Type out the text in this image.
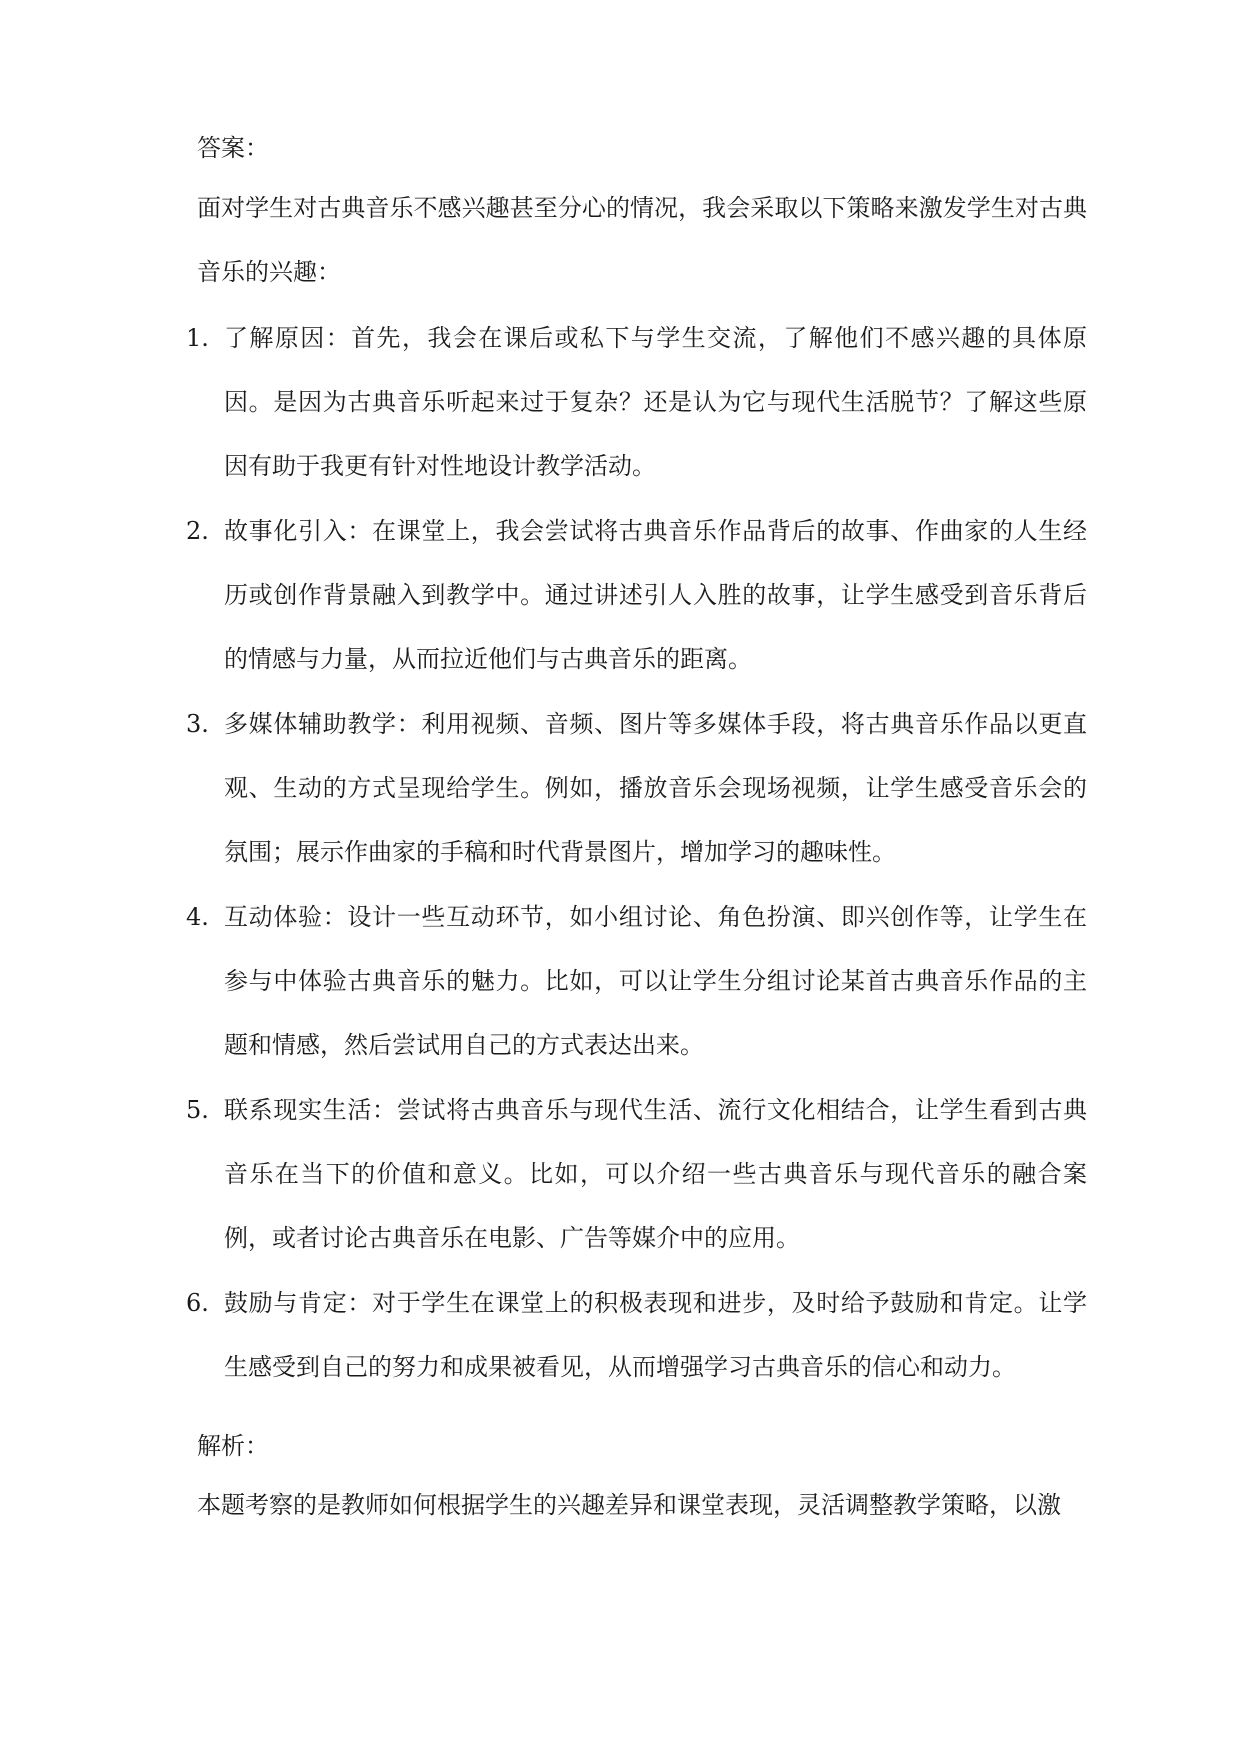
答案：
面对学生对古典音乐不感兴趣甚至分心的情况，我会采取以下策略来激发学生对古典音乐的兴趣：
1. 了解原因：首先，我会在课后或私下与学生交流，了解他们不感兴趣的具体原因。是因为古典音乐听起来过于复杂？还是认为它与现代生活脱节？了解这些原因有助于我更有针对性地设计教学活动。
2. 故事化引入：在课堂上，我会尝试将古典音乐作品背后的故事、作曲家的人生经历或创作背景融入到教学中。通过讲述引人入胜的故事，让学生感受到音乐背后的情感与力量，从而拉近他们与古典音乐的距离。
3. 多媒体辅助教学：利用视频、音频、图片等多媒体手段，将古典音乐作品以更直观、生动的方式呈现给学生。例如，播放音乐会现场视频，让学生感受音乐会的氛围；展示作曲家的手稿和时代背景图片，增加学习的趣味性。
4. 互动体验：设计一些互动环节，如小组讨论、角色扮演、即兴创作等，让学生在参与中体验古典音乐的魅力。比如，可以让学生分组讨论某首古典音乐作品的主题和情感，然后尝试用自己的方式表达出来。
5. 联系现实生活：尝试将古典音乐与现代生活、流行文化相结合，让学生看到古典音乐在当下的价值和意义。比如，可以介绍一些古典音乐与现代音乐的融合案例，或者讨论古典音乐在电影、广告等媒介中的应用。
6. 鼓励与肯定：对于学生在课堂上的积极表现和进步，及时给予鼓励和肯定。让学生感受到自己的努力和成果被看见，从而增强学习古典音乐的信心和动力。
解析：
本题考察的是教师如何根据学生的兴趣差异和课堂表现，灵活调整教学策略，以激
